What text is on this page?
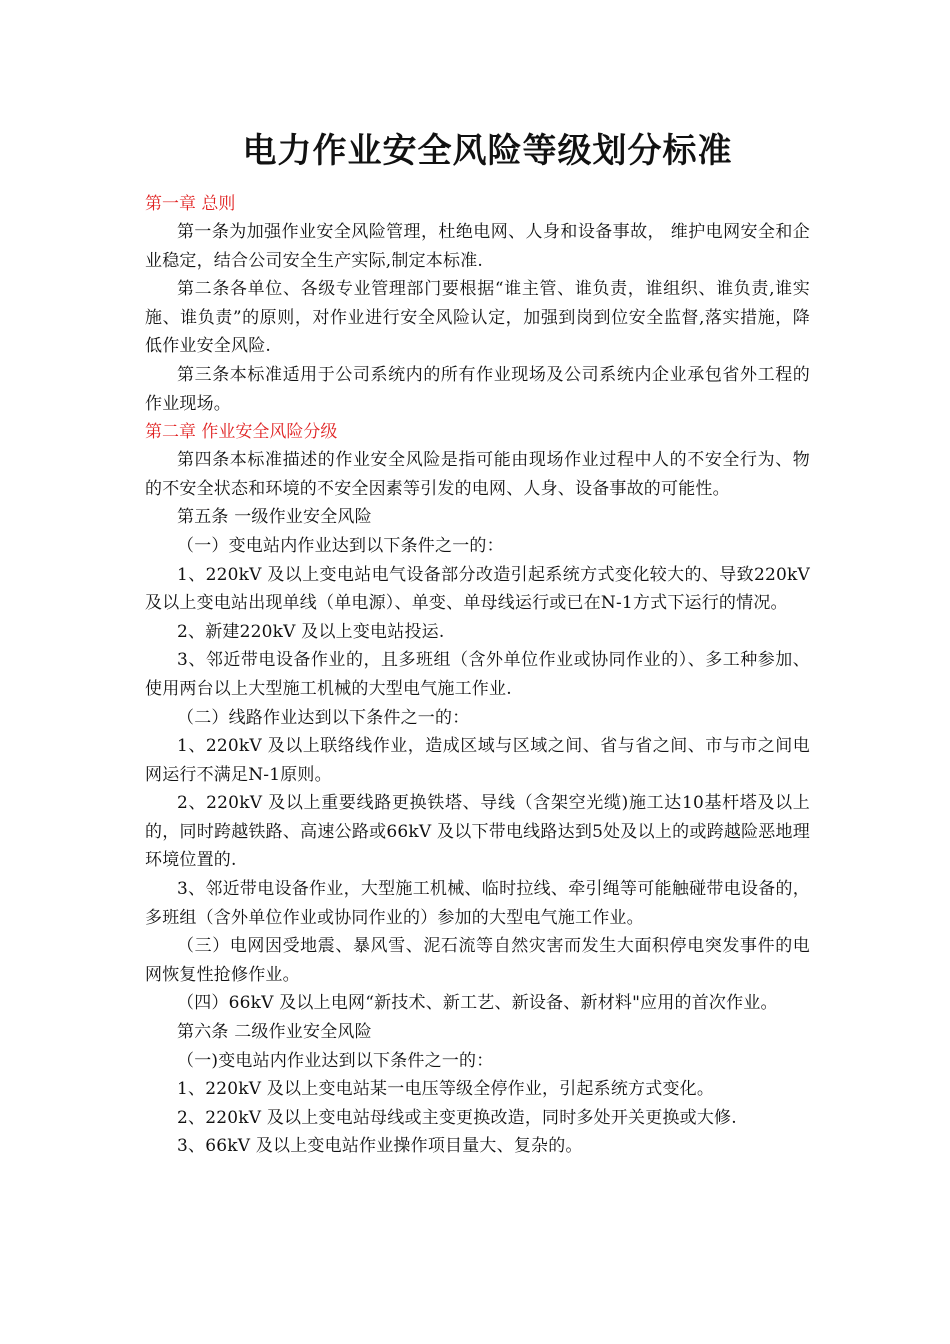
电力作业安全风险等级划分标准

第一章 总则

第一条为加强作业安全风险管理，杜绝电网、人身和设备事故， 维护电网安全和企业稳定，结合公司安全生产实际,制定本标准.

第二条各单位、各级专业管理部门要根据“谁主管、谁负责，谁组织、谁负责,谁实施、谁负责”的原则，对作业进行安全风险认定，加强到岗到位安全监督,落实措施，降低作业安全风险.

第三条本标准适用于公司系统内的所有作业现场及公司系统内企业承包省外工程的作业现场。

第二章 作业安全风险分级

第四条本标准描述的作业安全风险是指可能由现场作业过程中人的不安全行为、物的不安全状态和环境的不安全因素等引发的电网、人身、设备事故的可能性。

第五条 一级作业安全风险

（一）变电站内作业达到以下条件之一的：

1、220kV 及以上变电站电气设备部分改造引起系统方式变化较大的、导致220kV 及以上变电站出现单线（单电源）、单变、单母线运行或已在N-1方式下运行的情况。

2、新建220kV 及以上变电站投运.

3、邻近带电设备作业的，且多班组（含外单位作业或协同作业的）、多工种参加、使用两台以上大型施工机械的大型电气施工作业.

（二）线路作业达到以下条件之一的：

1、220kV 及以上联络线作业，造成区域与区域之间、省与省之间、市与市之间电网运行不满足N-1原则。

2、220kV 及以上重要线路更换铁塔、导线（含架空光缆)施工达10基杆塔及以上的，同时跨越铁路、高速公路或66kV 及以下带电线路达到5处及以上的或跨越险恶地理环境位置的.

3、邻近带电设备作业，大型施工机械、临时拉线、牵引绳等可能触碰带电设备的，多班组（含外单位作业或协同作业的）参加的大型电气施工作业。

（三）电网因受地震、暴风雪、泥石流等自然灾害而发生大面积停电突发事件的电网恢复性抢修作业。

（四）66kV 及以上电网“新技术、新工艺、新设备、新材料"应用的首次作业。

第六条 二级作业安全风险

（一)变电站内作业达到以下条件之一的：

1、220kV 及以上变电站某一电压等级全停作业，引起系统方式变化。

2、220kV 及以上变电站母线或主变更换改造，同时多处开关更换或大修.

3、66kV 及以上变电站作业操作项目量大、复杂的。
